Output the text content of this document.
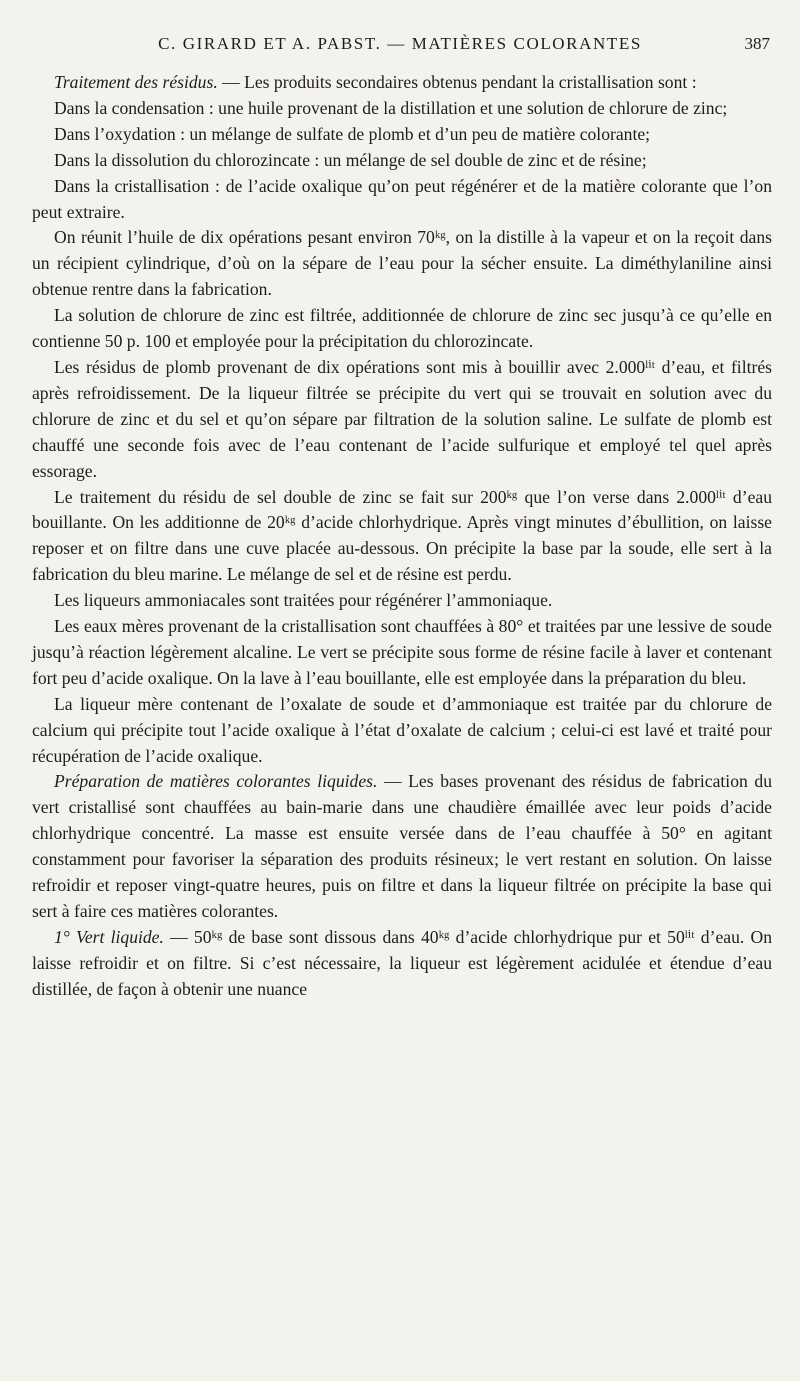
C. GIRARD ET A. PABST. — MATIÈRES COLORANTES	387

Traitement des résidus. — Les produits secondaires obtenus pendant la cristallisation sont :

Dans la condensation : une huile provenant de la distillation et une solution de chlorure de zinc;

Dans l’oxydation : un mélange de sulfate de plomb et d’un peu de matière colorante;

Dans la dissolution du chlorozincate : un mélange de sel double de zinc et de résine;

Dans la cristallisation : de l’acide oxalique qu’on peut régénérer et de la matière colorante que l’on peut extraire.

On réunit l’huile de dix opérations pesant environ 70ᵏᵍ, on la distille à la vapeur et on la reçoit dans un récipient cylindrique, d’où on la sépare de l’eau pour la sécher ensuite. La diméthylaniline ainsi obtenue rentre dans la fabrication.

La solution de chlorure de zinc est filtrée, additionnée de chlorure de zinc sec jusqu’à ce qu’elle en contienne 50 p. 100 et employée pour la précipitation du chlorozincate.

Les résidus de plomb provenant de dix opérations sont mis à bouillir avec 2.000ˡⁱᵗ d’eau, et filtrés après refroidissement. De la liqueur filtrée se précipite du vert qui se trouvait en solution avec du chlorure de zinc et du sel et qu’on sépare par filtration de la solution saline. Le sulfate de plomb est chauffé une seconde fois avec de l’eau contenant de l’acide sulfurique et employé tel quel après essorage.

Le traitement du résidu de sel double de zinc se fait sur 200ᵏᵍ que l’on verse dans 2.000ˡⁱᵗ d’eau bouillante. On les additionne de 20ᵏᵍ d’acide chlorhydrique. Après vingt minutes d’ébullition, on laisse reposer et on filtre dans une cuve placée au-dessous. On précipite la base par la soude, elle sert à la fabrication du bleu marine. Le mélange de sel et de résine est perdu.

Les liqueurs ammoniacales sont traitées pour régénérer l’ammoniaque.

Les eaux mères provenant de la cristallisation sont chauffées à 80° et traitées par une lessive de soude jusqu’à réaction légèrement alcaline. Le vert se précipite sous forme de résine facile à laver et contenant fort peu d’acide oxalique. On la lave à l’eau bouillante, elle est employée dans la préparation du bleu.

La liqueur mère contenant de l’oxalate de soude et d’ammoniaque est traitée par du chlorure de calcium qui précipite tout l’acide oxalique à l’état d’oxalate de calcium ; celui-ci est lavé et traité pour récupération de l’acide oxalique.

Préparation de matières colorantes liquides. — Les bases provenant des résidus de fabrication du vert cristallisé sont chauffées au bain-marie dans une chaudière émaillée avec leur poids d’acide chlorhydrique concentré. La masse est ensuite versée dans de l’eau chauffée à 50° en agitant constamment pour favoriser la séparation des produits résineux; le vert restant en solution. On laisse refroidir et reposer vingt-quatre heures, puis on filtre et dans la liqueur filtrée on précipite la base qui sert à faire ces matières colorantes.

1° Vert liquide. — 50ᵏᵍ de base sont dissous dans 40ᵏᵍ d’acide chlorhydrique pur et 50ˡⁱᵗ d’eau. On laisse refroidir et on filtre. Si c’est nécessaire, la liqueur est légèrement acidulée et étendue d’eau distillée, de façon à obtenir une nuance
